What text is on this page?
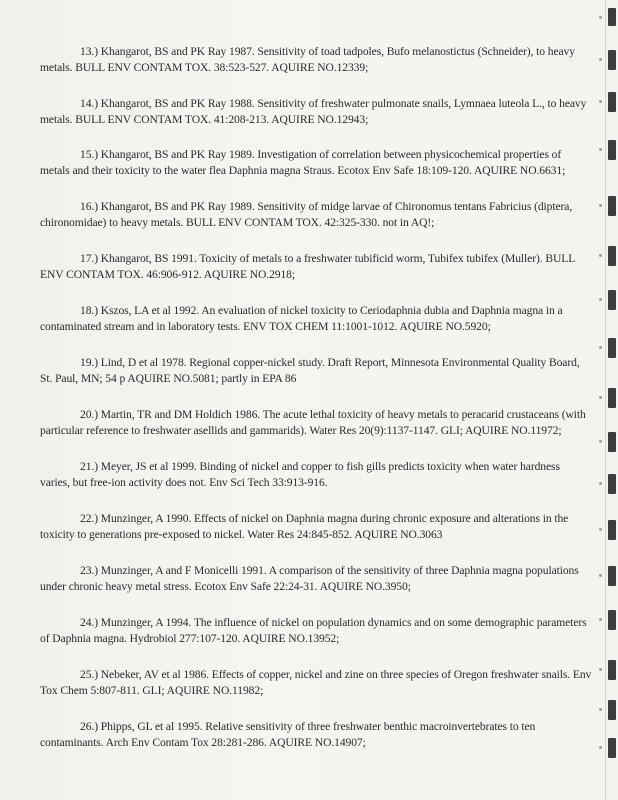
13.) Khangarot, BS and PK Ray 1987. Sensitivity of toad tadpoles, Bufo melanostictus (Schneider), to heavy metals. BULL ENV CONTAM TOX. 38:523-527. AQUIRE NO.12339;

14.) Khangarot, BS and PK Ray 1988. Sensitivity of freshwater pulmonate snails, Lymnaea luteola L., to heavy metals. BULL ENV CONTAM TOX. 41:208-213. AQUIRE NO.12943;

15.) Khangarot, BS and PK Ray 1989. Investigation of correlation between physicochemical properties of metals and their toxicity to the water flea Daphnia magna Straus. Ecotox Env Safe 18:109-120. AQUIRE NO.6631;

16.) Khangarot, BS and PK Ray 1989. Sensitivity of midge larvae of Chironomus tentans Fabricius (diptera, chironomidae) to heavy metals. BULL ENV CONTAM TOX. 42:325-330. not in AQ!;

17.) Khangarot, BS 1991. Toxicity of metals to a freshwater tubificid worm, Tubifex tubifex (Muller). BULL ENV CONTAM TOX. 46:906-912. AQUIRE NO.2918;

18.) Kszos, LA et al 1992. An evaluation of nickel toxicity to Ceriodaphnia dubia and Daphnia magna in a contaminated stream and in laboratory tests. ENV TOX CHEM 11:1001-1012. AQUIRE NO.5920;

19.) Lind, D et al 1978. Regional copper-nickel study. Draft Report, Minnesota Environmental Quality Board, St. Paul, MN; 54 p AQUIRE NO.5081; partly in EPA 86

20.) Martin, TR and DM Holdich 1986. The acute lethal toxicity of heavy metals to peracarid crustaceans (with particular reference to freshwater asellids and gammarids). Water Res 20(9):1137-1147. GLI; AQUIRE NO.11972;

21.) Meyer, JS et al 1999. Binding of nickel and copper to fish gills predicts toxicity when water hardness varies, but free-ion activity does not. Env Sci Tech 33:913-916.

22.) Munzinger, A 1990. Effects of nickel on Daphnia magna during chronic exposure and alterations in the toxicity to generations pre-exposed to nickel. Water Res 24:845-852. AQUIRE NO.3063

23.) Munzinger, A and F Monicelli 1991. A comparison of the sensitivity of three Daphnia magna populations under chronic heavy metal stress. Ecotox Env Safe 22:24-31. AQUIRE NO.3950;

24.) Munzinger, A 1994. The influence of nickel on population dynamics and on some demographic parameters of Daphnia magna. Hydrobiol 277:107-120. AQUIRE NO.13952;

25.) Nebeker, AV et al 1986. Effects of copper, nickel and zine on three species of Oregon freshwater snails. Env Tox Chem 5:807-811. GLI; AQUIRE NO.11982;

26.) Phipps, GL et al 1995. Relative sensitivity of three freshwater benthic macroinvertebrates to ten contaminants. Arch Env Contam Tox 28:281-286. AQUIRE NO.14907;
